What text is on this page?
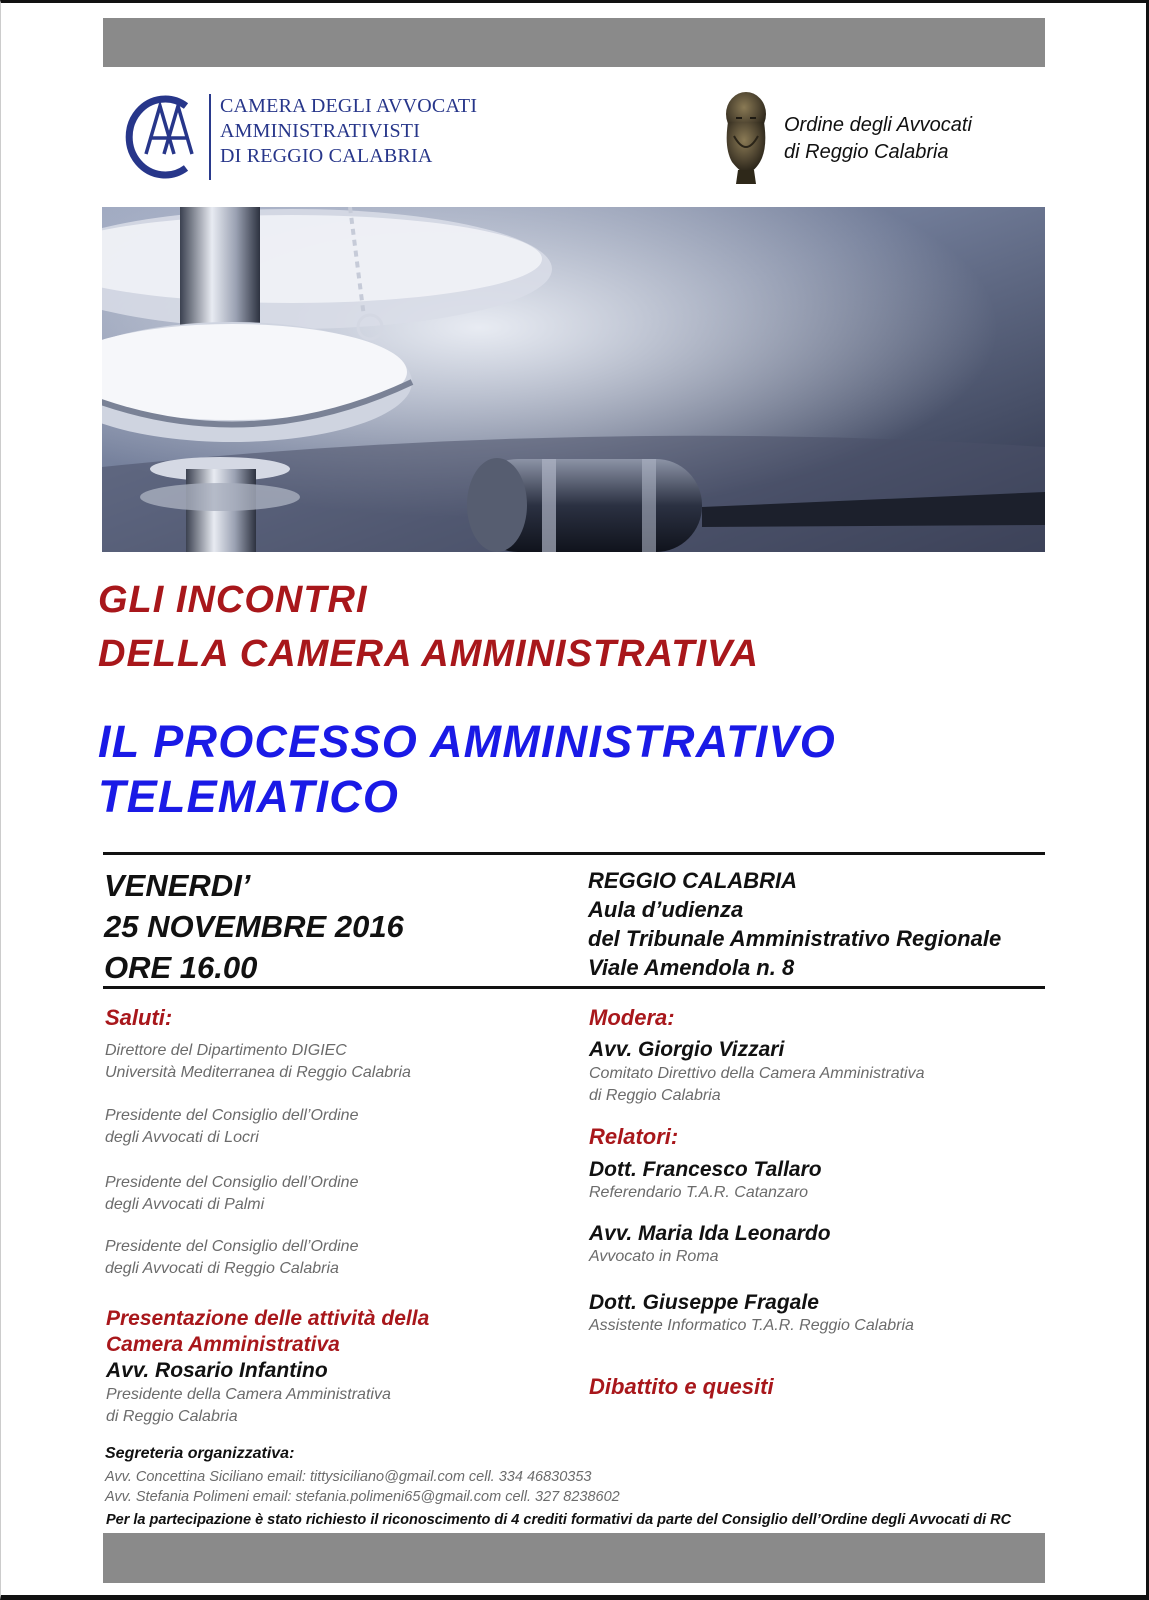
CAMERA DEGLI AVVOCATI
AMMINISTRATIVISTI
DI REGGIO CALABRIA
Ordine degli Avvocati
di Reggio Calabria
GLI INCONTRI
DELLA CAMERA AMMINISTRATIVA
IL PROCESSO AMMINISTRATIVO
TELEMATICO
VENERDI’
25 NOVEMBRE 2016
ORE 16.00
REGGIO CALABRIA
Aula d’udienza
del Tribunale Amministrativo Regionale
Viale Amendola n. 8
Saluti:
Direttore del Dipartimento DIGIEC
Università Mediterranea di Reggio Calabria
Presidente del Consiglio dell’Ordine
degli Avvocati di Locri
Presidente del Consiglio dell’Ordine
degli Avvocati di Palmi
Presidente del Consiglio dell’Ordine
degli Avvocati di Reggio Calabria
Presentazione delle attività della
Camera Amministrativa
Avv. Rosario Infantino
Presidente della Camera Amministrativa
di Reggio Calabria
Modera:
Avv. Giorgio Vizzari
Comitato Direttivo della Camera Amministrativa
di Reggio Calabria
Relatori:
Dott. Francesco Tallaro
Referendario T.A.R. Catanzaro
Avv. Maria Ida Leonardo
Avvocato in Roma
Dott. Giuseppe Fragale
Assistente Informatico T.A.R. Reggio Calabria
Dibattito e quesiti
Segreteria organizzativa:
Avv. Concettina Siciliano email: tittysiciliano@gmail.com cell. 334 46830353
Avv. Stefania Polimeni email: stefania.polimeni65@gmail.com cell. 327 8238602
Per la partecipazione è stato richiesto il riconoscimento di 4 crediti formativi da parte del Consiglio dell’Ordine degli Avvocati di RC
